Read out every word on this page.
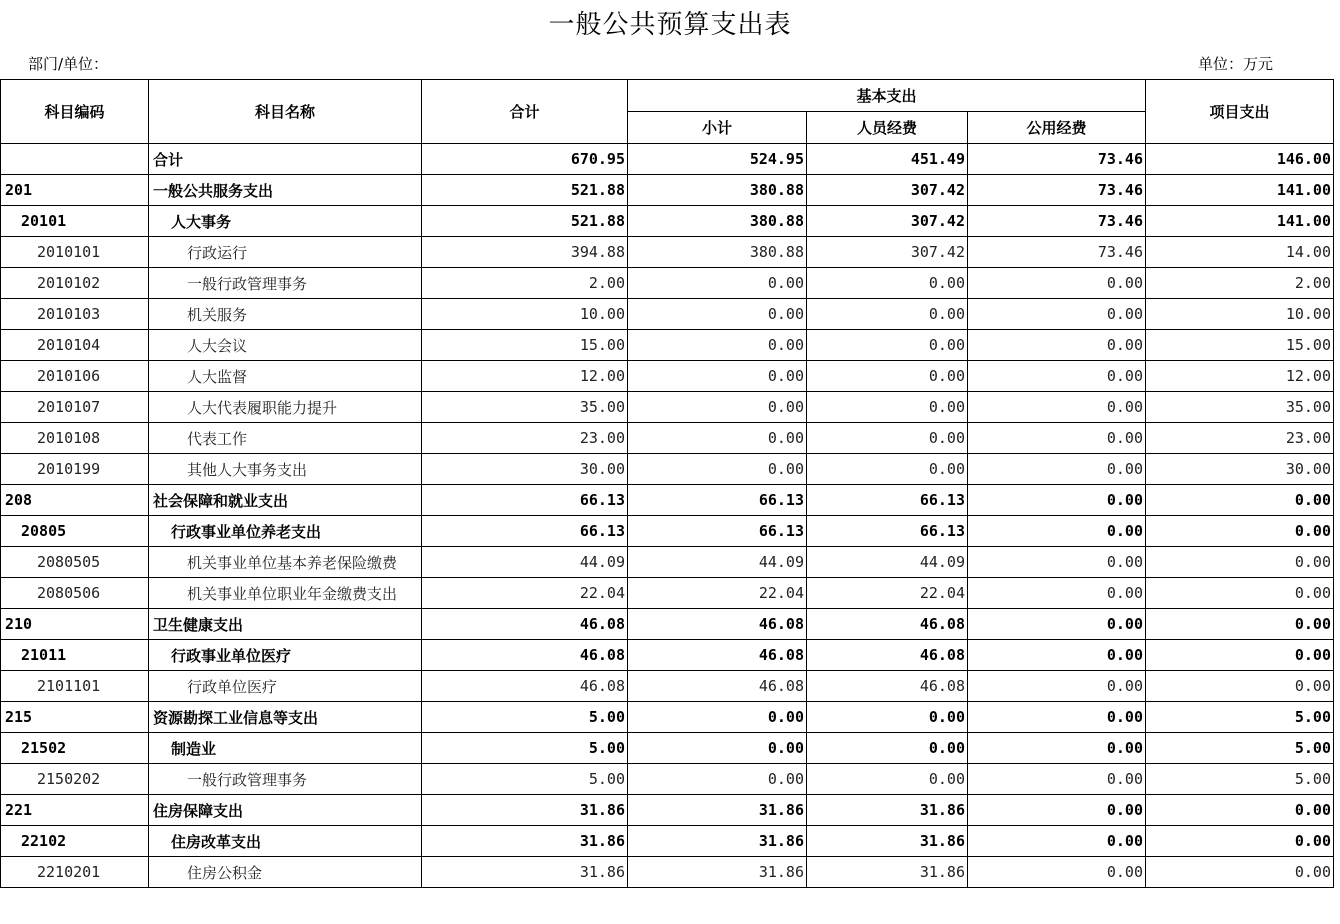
一般公共预算支出表
部门/单位：	单位：万元
科目编码	科目名称	合计	基本支出			项目支出
			小计	人员经费	公用经费	
	合计	670.95	524.95	451.49	73.46	146.00
201	一般公共服务支出	521.88	380.88	307.42	73.46	141.00
20101	人大事务	521.88	380.88	307.42	73.46	141.00
2010101	行政运行	394.88	380.88	307.42	73.46	14.00
2010102	一般行政管理事务	2.00	0.00	0.00	0.00	2.00
2010103	机关服务	10.00	0.00	0.00	0.00	10.00
2010104	人大会议	15.00	0.00	0.00	0.00	15.00
2010106	人大监督	12.00	0.00	0.00	0.00	12.00
2010107	人大代表履职能力提升	35.00	0.00	0.00	0.00	35.00
2010108	代表工作	23.00	0.00	0.00	0.00	23.00
2010199	其他人大事务支出	30.00	0.00	0.00	0.00	30.00
208	社会保障和就业支出	66.13	66.13	66.13	0.00	0.00
20805	行政事业单位养老支出	66.13	66.13	66.13	0.00	0.00
2080505	机关事业单位基本养老保险缴费	44.09	44.09	44.09	0.00	0.00
2080506	机关事业单位职业年金缴费支出	22.04	22.04	22.04	0.00	0.00
210	卫生健康支出	46.08	46.08	46.08	0.00	0.00
21011	行政事业单位医疗	46.08	46.08	46.08	0.00	0.00
2101101	行政单位医疗	46.08	46.08	46.08	0.00	0.00
215	资源勘探工业信息等支出	5.00	0.00	0.00	0.00	5.00
21502	制造业	5.00	0.00	0.00	0.00	5.00
2150202	一般行政管理事务	5.00	0.00	0.00	0.00	5.00
221	住房保障支出	31.86	31.86	31.86	0.00	0.00
22102	住房改革支出	31.86	31.86	31.86	0.00	0.00
2210201	住房公积金	31.86	31.86	31.86	0.00	0.00
